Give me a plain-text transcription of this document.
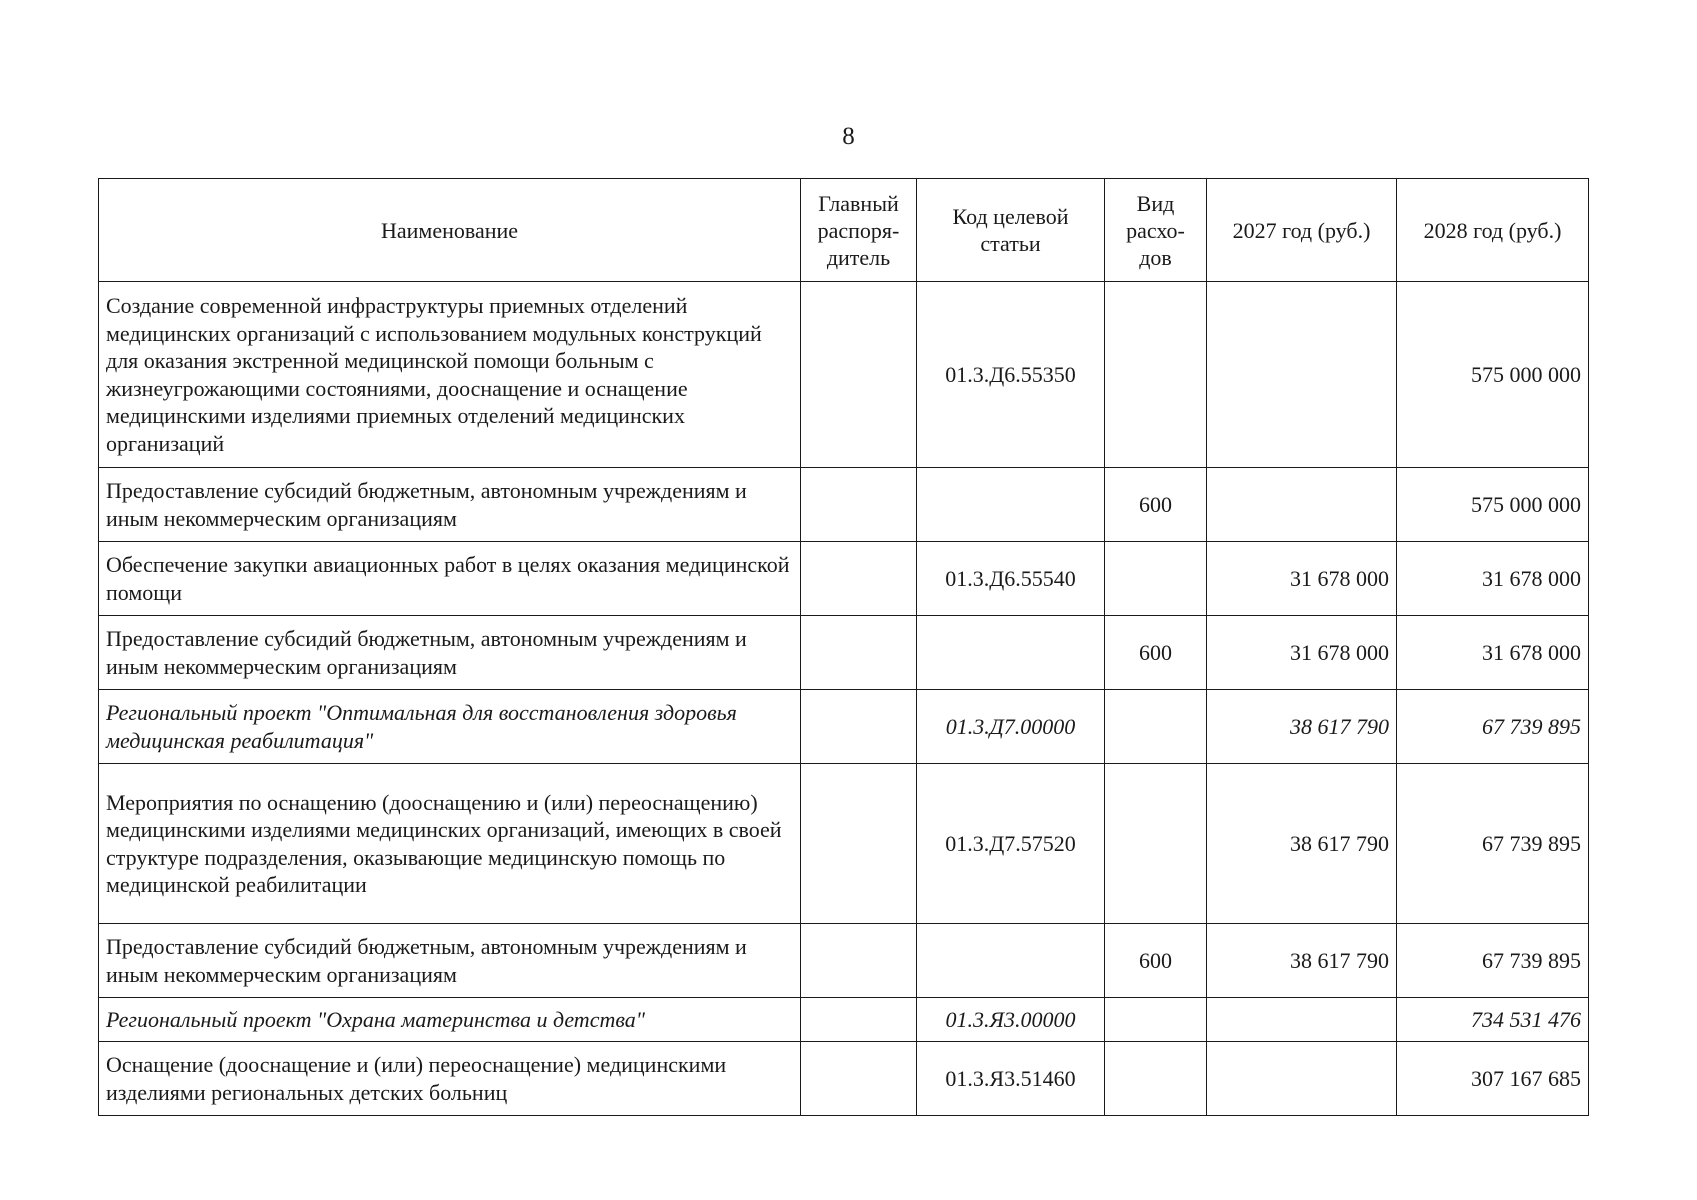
8
Наименование	Главный распоря-дитель	Код целевой статьи	Вид расхо-дов	2027 год (руб.)	2028 год (руб.)
Создание современной инфраструктуры приемных отделений медицинских организаций с использованием модульных конструкций для оказания экстренной медицинской помощи больным с жизнеугрожающими состояниями, дооснащение и оснащение медицинскими изделиями приемных отделений медицинских организаций		01.3.Д6.55350			575 000 000
Предоставление субсидий бюджетным, автономным учреждениям и иным некоммерческим организациям			600		575 000 000
Обеспечение закупки авиационных работ в целях оказания медицинской помощи		01.3.Д6.55540		31 678 000	31 678 000
Предоставление субсидий бюджетным, автономным учреждениям и иным некоммерческим организациям			600	31 678 000	31 678 000
Региональный проект "Оптимальная для восстановления здоровья медицинская реабилитация"		01.3.Д7.00000		38 617 790	67 739 895
Мероприятия по оснащению (дооснащению и (или) переоснащению) медицинскими изделиями медицинских организаций, имеющих в своей структуре подразделения, оказывающие медицинскую помощь по медицинской реабилитации		01.3.Д7.57520		38 617 790	67 739 895
Предоставление субсидий бюджетным, автономным учреждениям и иным некоммерческим организациям			600	38 617 790	67 739 895
Региональный проект "Охрана материнства и детства"		01.3.Я3.00000			734 531 476
Оснащение (дооснащение и (или) переоснащение) медицинскими изделиями региональных детских больниц		01.3.Я3.51460			307 167 685
